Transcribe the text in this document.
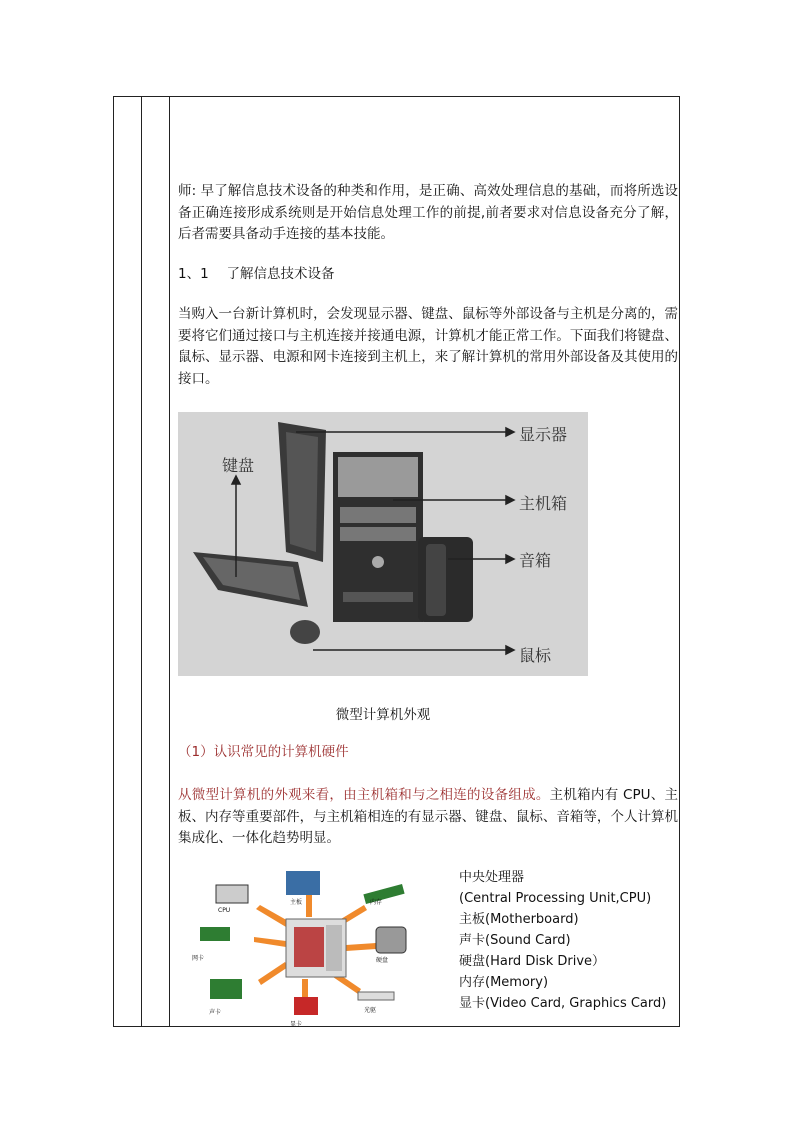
师: 早了解信息技术设备的种类和作用，是正确、高效处理信息的基础，而将所选设备正确连接形成系统则是开始信息处理工作的前提,前者要求对信息设备充分了解，后者需要具备动手连接的基本技能。

1、1　 了解信息技术设备

当购入一台新计算机时，会发现显示器、键盘、鼠标等外部设备与主机是分离的，需要将它们通过接口与主机连接并接通电源，计算机才能正常工作。下面我们将键盘、鼠标、显示器、电源和网卡连接到主机上，来了解计算机的常用外部设备及其使用的接口。

显示器
键盘
主机箱
音箱
鼠标
微型计算机外观

（1）认识常见的计算机硬件

从微型计算机的外观来看，由主机箱和与之相连的设备组成。主机箱内有 CPU、主板、内存等重要部件，与主机箱相连的有显示器、键盘、鼠标、音箱等，个人计算机集成化、一体化趋势明显。

CPU
主板	内存
网卡	硬盘
声卡
显卡
光驱
中央处理器
(Central Processing Unit,CPU)
主板(Motherboard)
声卡(Sound Card)
硬盘(Hard Disk Drive）
内存(Memory)
显卡(Video Card, Graphics Card)
